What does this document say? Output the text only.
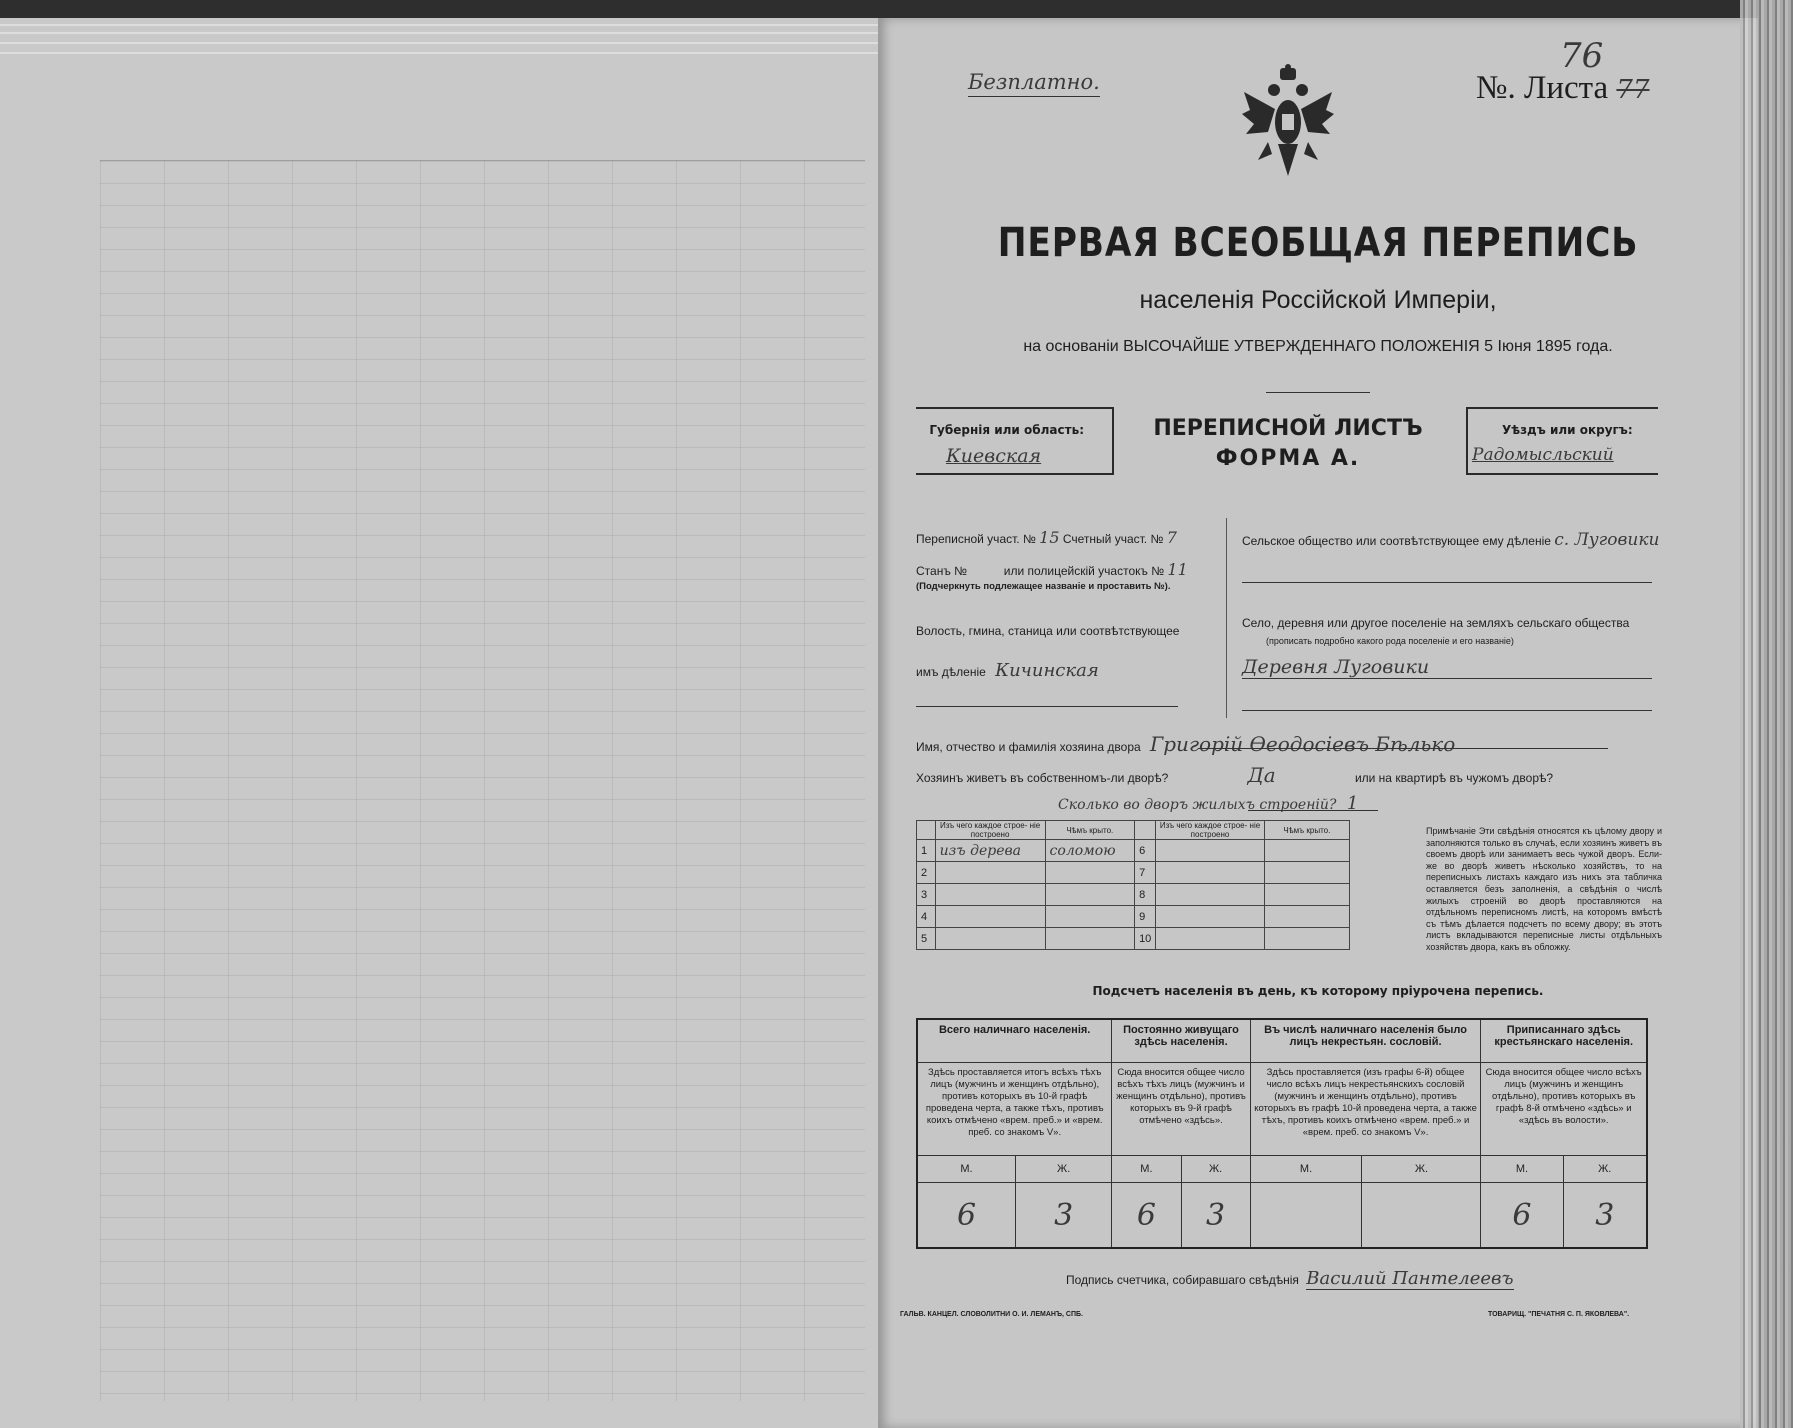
Безплатно.	№. Листа 77
76
ПЕРВАЯ ВСЕОБЩАЯ ПЕРЕПИСЬ
населенія Россійской Имперіи,
на основаніи ВЫСОЧАЙШЕ УТВЕРЖДЕННАГО ПОЛОЖЕНІЯ 5 Іюня 1895 года.
Губернія или область:
Киевская
ПЕРЕПИСНОЙ ЛИСТЪ
ФОРМА А.
Уѣздъ или округъ:
Радомысльский
Переписной участ. № 15 Счетный участ. № 7
Станъ №	или полицейскій участокъ № 11
(Подчеркнуть подлежащее названіе и проставить №).
Волость, гмина, станица или соотвѣтствующее
имъ дѣленіе Кичинская
Сельское общество или соотвѣтствующее ему дѣленіе с. Луговики
Село, деревня или другое поселеніе на земляхъ сельскаго общества
(прописать подробно какого рода поселеніе и его названіе)
Деревня Луговики
Имя, отчество и фамилія хозяина двора Григорій Өеодосіевъ Бѣлько
Хозяинъ живетъ въ собственномъ-ли дворѣ?	Да	или на квартирѣ въ чужомъ дворѣ?
Сколько во дворъ жилыхъ строеній? 1
	Изъ чего каждое строе- ніе построено	Чѣмъ крыто.		Изъ чего каждое строе- ніе построено	Чѣмъ крыто.
1	изъ дерева	соломою	6		
2			7		
3			8		
4			9		
5			10		
Примѣчаніе Эти свѣдѣнія относятся къ цѣлому двору и заполняются только въ случаѣ, если хозяинъ живетъ въ своемъ дворѣ или занимаетъ весь чужой дворъ. Если-же во дворѣ живетъ нѣсколько хозяйствъ, то на переписныхъ листахъ каждаго изъ нихъ эта табличка оставляется безъ заполненія, а свѣдѣнія о числѣ жилыхъ строеній во дворѣ проставляются на отдѣльномъ переписномъ листѣ, на которомъ вмѣстѣ съ тѣмъ дѣлается подсчетъ по всему двору; въ этотъ листъ вкладываются переписные листы отдѣльныхъ хозяйствъ двора, какъ въ обложку.
Подсчетъ населенія въ день, къ которому пріурочена перепись.
Всего наличнаго населенія.		Постоянно живущаго здѣсь населенія.		Въ числѣ наличнаго населенія было лицъ некрестьян. сословій.		Приписаннаго здѣсь крестьянскаго населенія.	
Здѣсь проставляется итогъ всѣхъ тѣхъ лицъ (мужчинъ и женщинъ отдѣльно), противъ которыхъ въ 10-й графѣ проведена черта, а также тѣхъ, противъ коихъ отмѣчено «врем. преб.» и «врем. преб. со знакомъ V».		Сюда вносится общее число всѣхъ тѣхъ лицъ (мужчинъ и женщинъ отдѣльно), противъ которыхъ въ 9-й графѣ отмѣчено «здѣсь».		Здѣсь проставляется (изъ графы 6-й) общее число всѣхъ лицъ некрестьянскихъ сословій (мужчинъ и женщинъ отдѣльно), противъ которыхъ въ графѣ 10-й проведена черта, а также тѣхъ, противъ коихъ отмѣчено «врем. преб.» и «врем. преб. со знакомъ V».		Сюда вносится общее число всѣхъ лицъ (мужчинъ и женщинъ отдѣльно), противъ которыхъ въ графѣ 8-й отмѣчено «здѣсь» и «здѣсь въ волости».	
М.	Ж.	М.	Ж.	М.	Ж.	М.	Ж.
6	3	6	3			6	3
Подпись счетчика, собиравшаго свѣдѣнія Василий Пантелеевъ
ГАЛЬВ. КАНЦЕЛ. СЛОВОЛИТНИ О. И. ЛЕМАНЪ, СПБ.	ТОВАРИЩ. "ПЕЧАТНЯ С. П. ЯКОВЛЕВА".
